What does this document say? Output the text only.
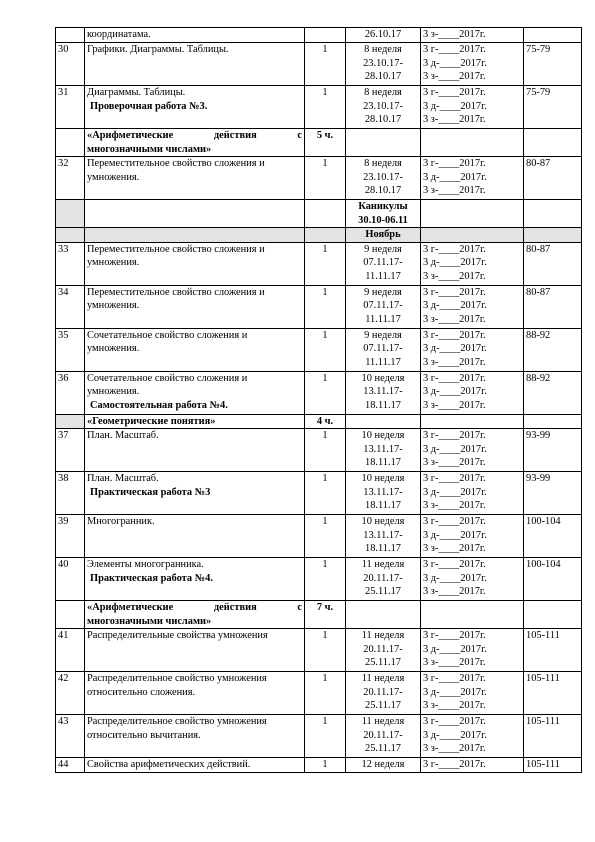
	координатама.		26.10.17	3 з-____2017г.	

30	Графики. Диаграммы. Таблицы.	1	8 неделя
23.10.17-
28.10.17	3 г-____2017г.
3 д-____2017г.
3 з-____2017г.	75-79
31	Диаграммы. Таблицы.
Проверочная работа №3.	1	8 неделя
23.10.17-
28.10.17	3 г-____2017г.
3 д-____2017г.
3 з-____2017г.	75-79

	«Арифметические действия с
многозначными числами»	5 ч.			
32	Переместительное свойство сложения и
умножения.	1	8 неделя
23.10.17-
28.10.17	3 г-____2017г.
3 д-____2017г.
3 з-____2017г.	80-87

			Каникулы
30.10-06.11		

			Ноябрь		
33	Переместительное свойство сложения и
умножения.	1	9 неделя
07.11.17-
11.11.17	3 г-____2017г.
3 д-____2017г.
3 з-____2017г.	80-87
34	Переместительное свойство сложения и
умножения.	1	9 неделя
07.11.17-
11.11.17	3 г-____2017г.
3 д-____2017г.
3 з-____2017г.	80-87
35	Сочетательное свойство сложения и
умножения.	1	9 неделя
07.11.17-
11.11.17	3 г-____2017г.
3 д-____2017г.
3 з-____2017г.	88-92
36	Сочетательное свойство сложения и
умножения.
Самостоятельная работа №4.	1	10 неделя
13.11.17-
18.11.17	3 г-____2017г.
3 д-____2017г.
3 з-____2017г.	88-92
	«Геометрические понятия»	4 ч.			
37	План. Масштаб.	1	10 неделя
13.11.17-
18.11.17	3 г-____2017г.
3 д-____2017г.
3 з-____2017г.	93-99
38	План. Масштаб.
Практическая работа №3	1	10 неделя
13.11.17-
18.11.17	3 г-____2017г.
3 д-____2017г.
3 з-____2017г.	93-99
39	Многогранник.	1	10 неделя
13.11.17-
18.11.17	3 г-____2017г.
3 д-____2017г.
3 з-____2017г.	100-104
40	Элементы многогранника.
Практическая работа №4.	1	11 неделя
20.11.17-
25.11.17	3 г-____2017г.
3 д-____2017г.
3 з-____2017г.	100-104

	«Арифметические действия с
многозначными числами»	7 ч.			
41	Распределительные свойства умножения	1	11 неделя
20.11.17-
25.11.17	3 г-____2017г.
3 д-____2017г.
3 з-____2017г.	105-111
42	Распределительное свойство умножения
относительно сложения.	1	11 неделя
20.11.17-
25.11.17	3 г-____2017г.
3 д-____2017г.
3 з-____2017г.	105-111
43	Распределительное свойство умножения
относительно вычитания.	1	11 неделя
20.11.17-
25.11.17	3 г-____2017г.
3 д-____2017г.
3 з-____2017г.	105-111
44	Свойства арифметических действий.	1	12 неделя	3 г-____2017г.	105-111
